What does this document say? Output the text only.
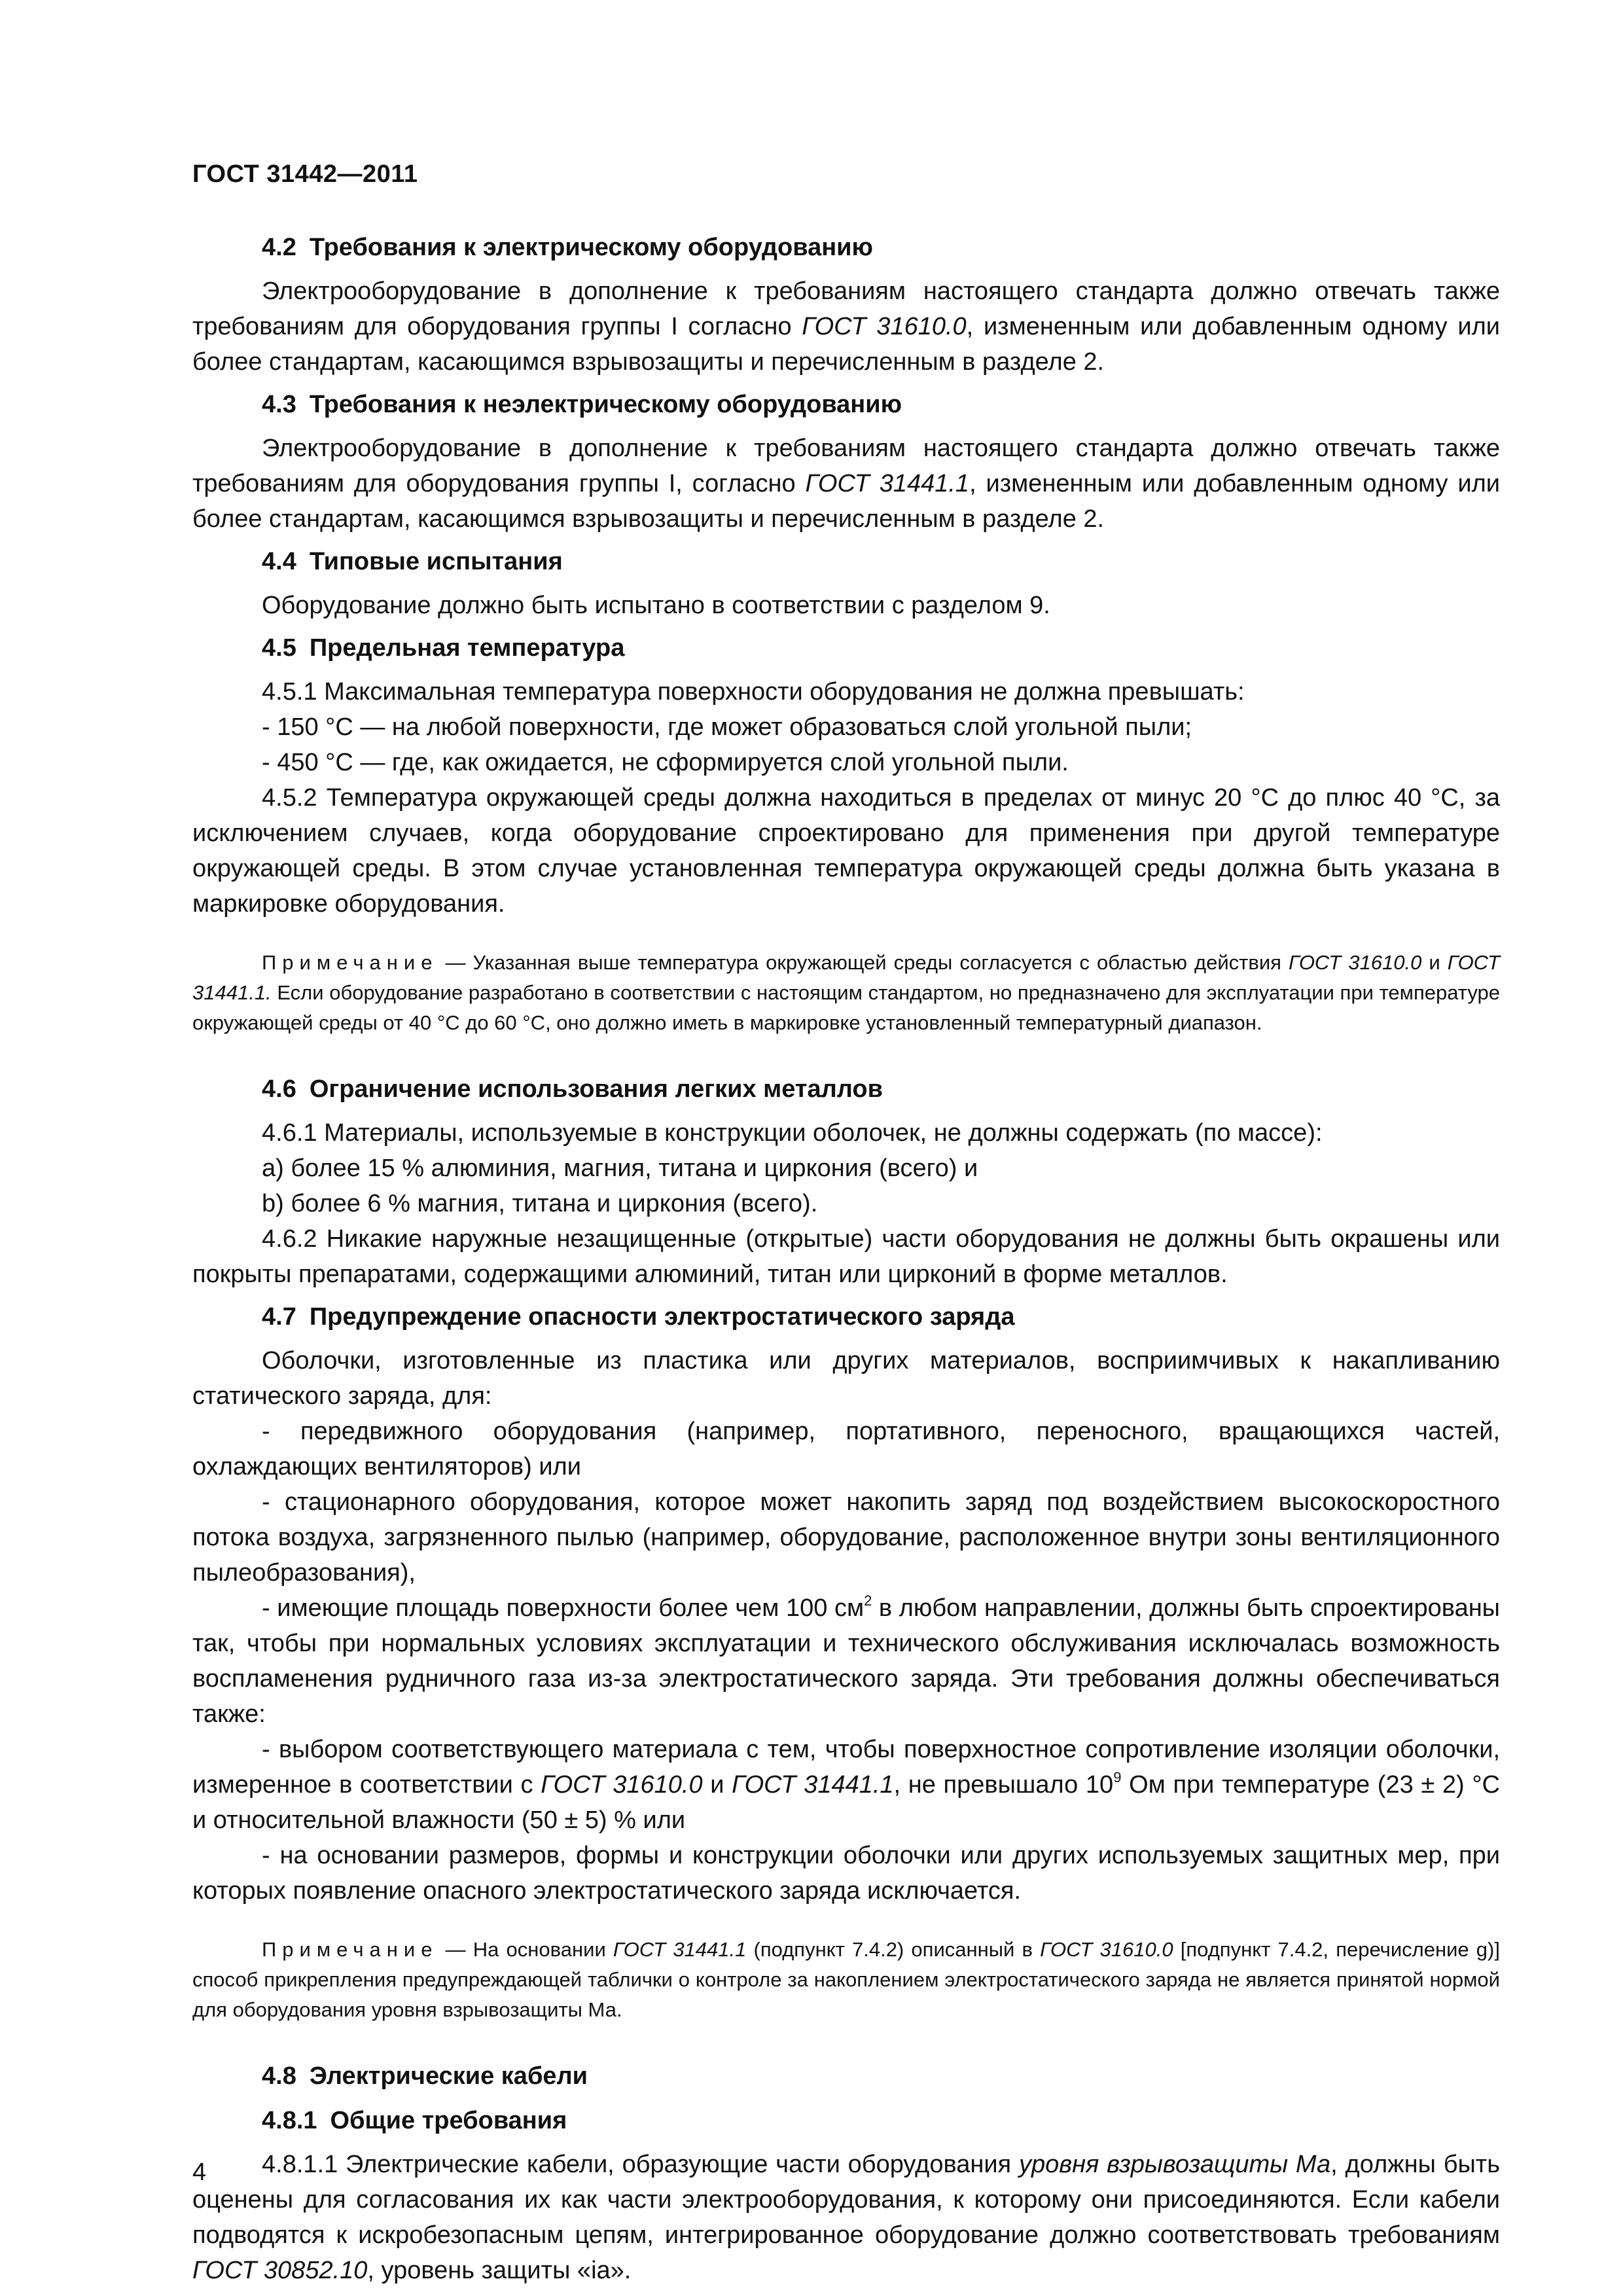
ГОСТ 31442—2011
4.2 Требования к электрическому оборудованию

Электрооборудование в дополнение к требованиям настоящего стандарта должно отвечать также требованиям для оборудования группы I согласно ГОСТ 31610.0, измененным или добавленным одному или более стандартам, касающимся взрывозащиты и перечисленным в разделе 2.

4.3 Требования к неэлектрическому оборудованию

Электрооборудование в дополнение к требованиям настоящего стандарта должно отвечать также требованиям для оборудования группы I, согласно ГОСТ 31441.1, измененным или добавленным одному или более стандартам, касающимся взрывозащиты и перечисленным в разделе 2.

4.4 Типовые испытания

Оборудование должно быть испытано в соответствии с разделом 9.

4.5 Предельная температура

4.5.1 Максимальная температура поверхности оборудования не должна превышать:

- 150 °С — на любой поверхности, где может образоваться слой угольной пыли;

- 450 °С — где, как ожидается, не сформируется слой угольной пыли.

4.5.2 Температура окружающей среды должна находиться в пределах от минус 20 °С до плюс 40 °С, за исключением случаев, когда оборудование спроектировано для применения при другой температуре окружающей среды. В этом случае установленная температура окружающей среды должна быть указана в маркировке оборудования.

Примечание — Указанная выше температура окружающей среды согласуется с областью действия ГОСТ 31610.0 и ГОСТ 31441.1. Если оборудование разработано в соответствии с настоящим стандартом, но предназначено для эксплуатации при температуре окружающей среды от 40 °С до 60 °С, оно должно иметь в маркировке установленный температурный диапазон.

4.6 Ограничение использования легких металлов

4.6.1 Материалы, используемые в конструкции оболочек, не должны содержать (по массе):

а) более 15 % алюминия, магния, титана и циркония (всего) и

b) более 6 % магния, титана и циркония (всего).

4.6.2 Никакие наружные незащищенные (открытые) части оборудования не должны быть окрашены или покрыты препаратами, содержащими алюминий, титан или цирконий в форме металлов.

4.7 Предупреждение опасности электростатического заряда

Оболочки, изготовленные из пластика или других материалов, восприимчивых к накапливанию статического заряда, для:

- передвижного оборудования (например, портативного, переносного, вращающихся частей, охлаждающих вентиляторов) или

- стационарного оборудования, которое может накопить заряд под воздействием высокоскоростного потока воздуха, загрязненного пылью (например, оборудование, расположенное внутри зоны вентиляционного пылеобразования),

- имеющие площадь поверхности более чем 100 $см^2$ в любом направлении, должны быть спроектированы так, чтобы при нормальных условиях эксплуатации и технического обслуживания исключалась возможность воспламенения рудничного газа из-за электростатического заряда. Эти требования должны обеспечиваться также:

- выбором соответствующего материала с тем, чтобы поверхностное сопротивление изоляции оболочки, измеренное в соответствии с ГОСТ 31610.0 и ГОСТ 31441.1, не превышало $10^9$ Ом при температуре (23 ± 2) °С и относительной влажности (50 ± 5) % или

- на основании размеров, формы и конструкции оболочки или других используемых защитных мер, при которых появление опасного электростатического заряда исключается.

Примечание — На основании ГОСТ 31441.1 (подпункт 7.4.2) описанный в ГОСТ 31610.0 [подпункт 7.4.2, перечисление g)] способ прикрепления предупреждающей таблички о контроле за накоплением электростатического заряда не является принятой нормой для оборудования уровня взрывозащиты Ма.

4.8 Электрические кабели
4.8.1 Общие требования

4.8.1.1 Электрические кабели, образующие части оборудования уровня взрывозащиты Ма, должны быть оценены для согласования их как части электрооборудования, к которому они присоединяются. Если кабели подводятся к искробезопасным цепям, интегрированное оборудование должно соответствовать требованиям ГОСТ 30852.10, уровень защиты «ia».

4
